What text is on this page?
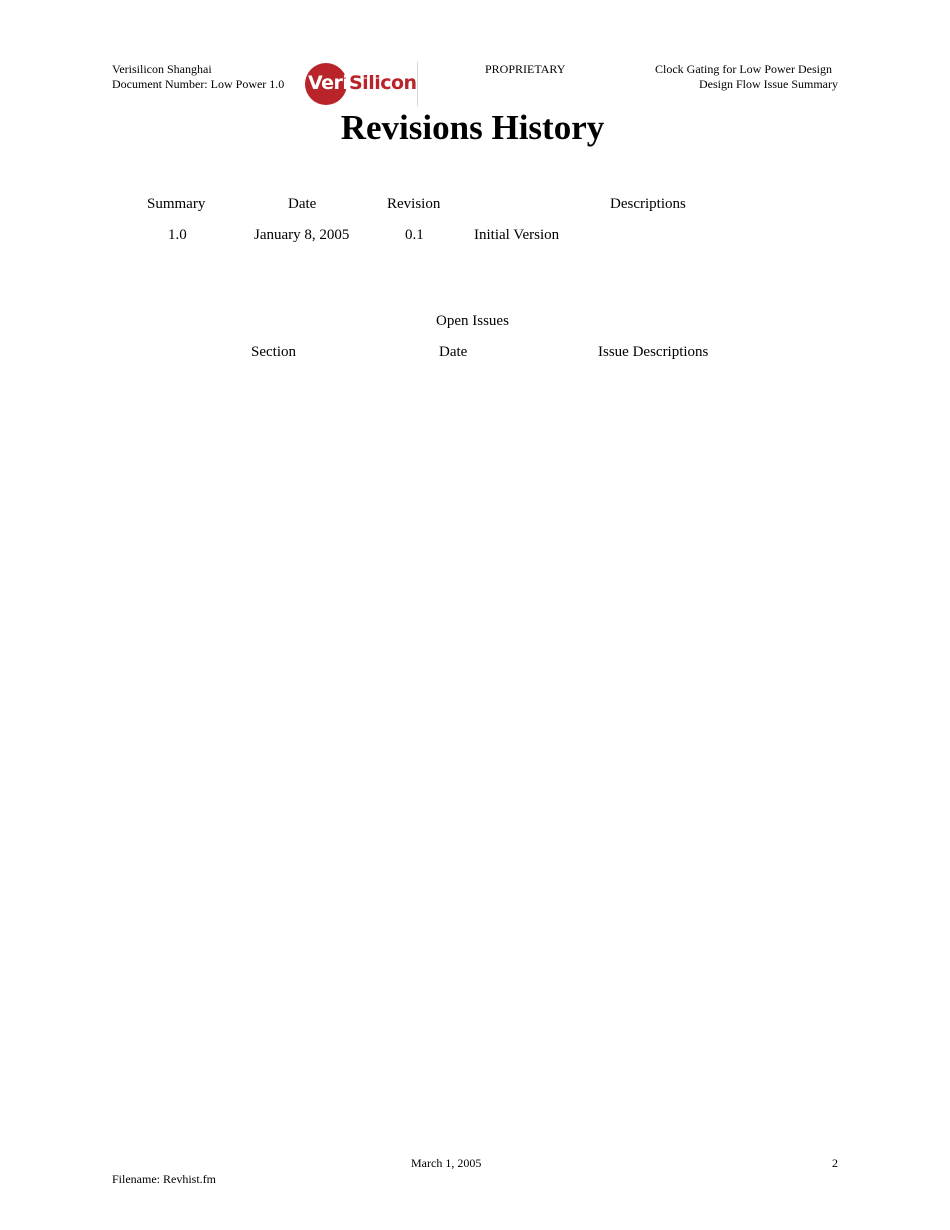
Verisilicon Shanghai
Document Number: Low Power 1.0 Veri Silicon
PROPRIETARY	Clock Gating for Low Power Design
Design Flow Issue Summary
Revisions History
Summary	Date	Revision	Descriptions
1.0	January 8, 2005	0.1	Initial Version
Open Issues
Section	Date	Issue Descriptions
March 1, 2005	2
Filename: Revhist.fm
